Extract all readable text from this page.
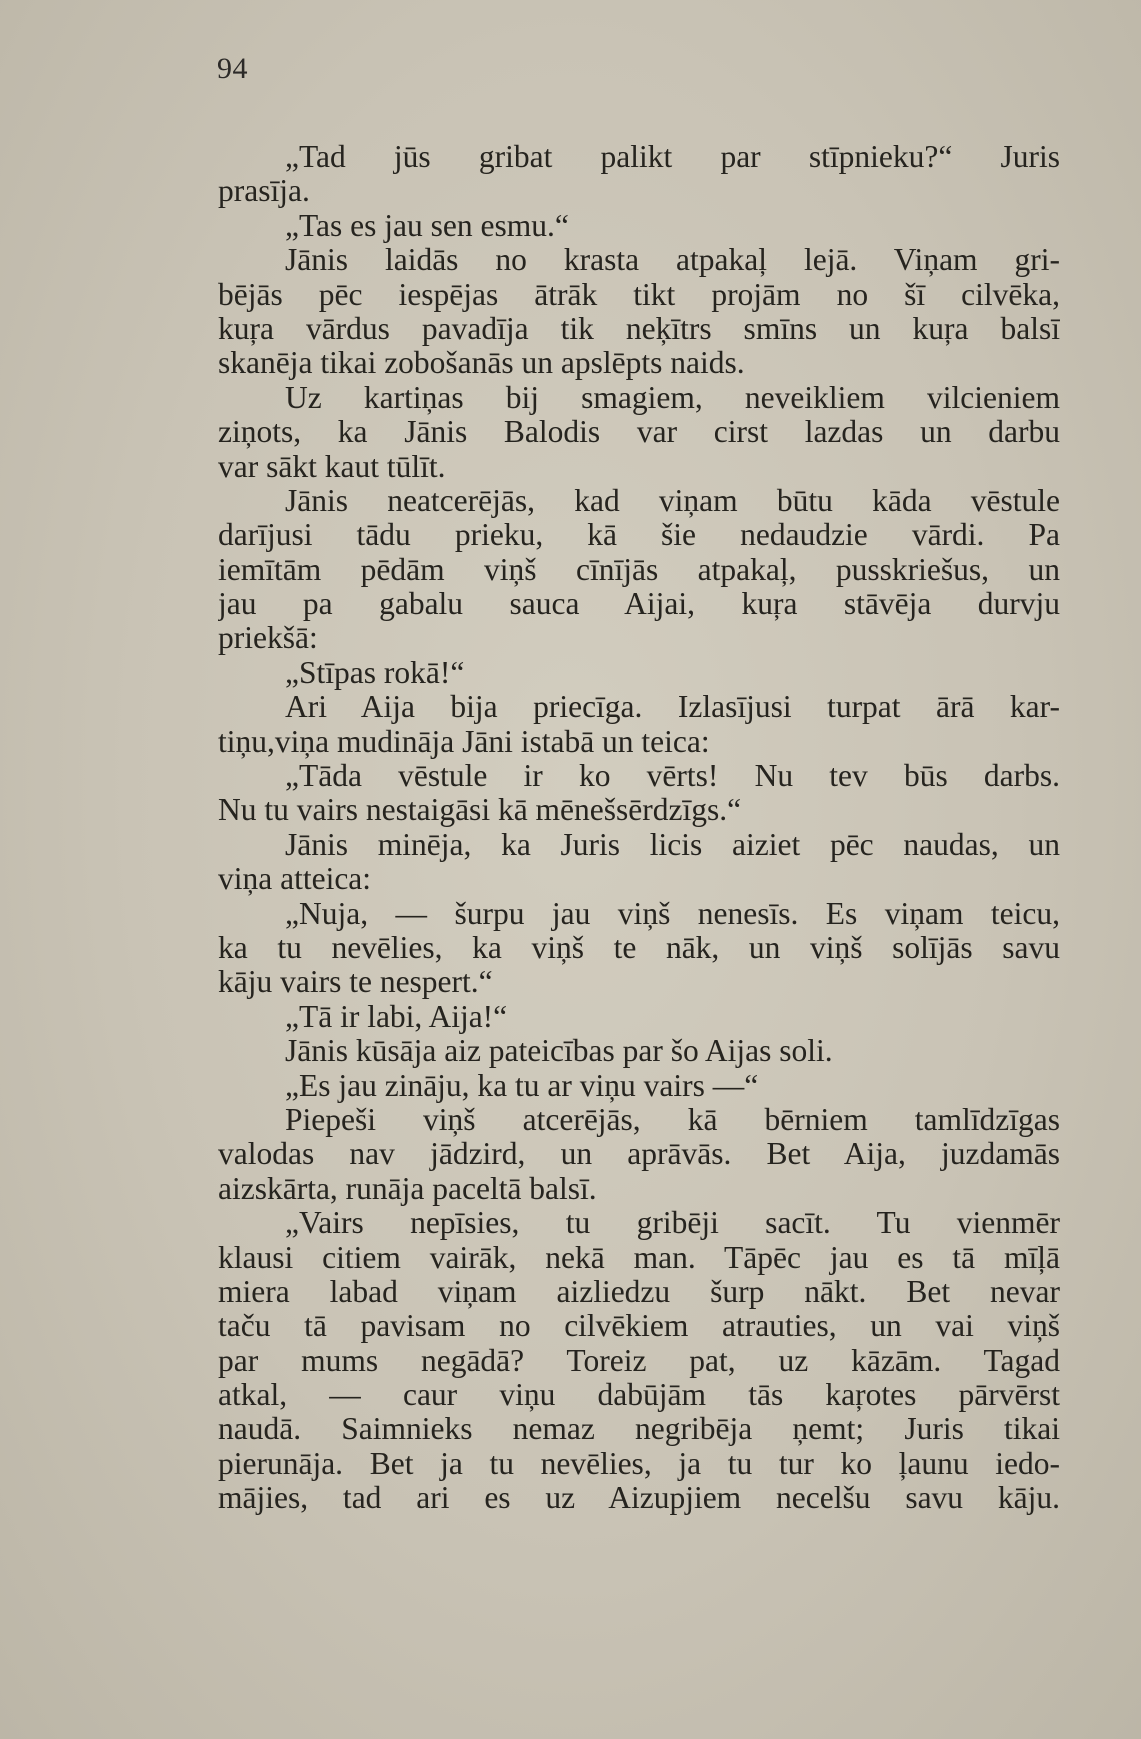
94
„Tad jūs gribat palikt par stīpnieku?“ Juris
prasīja.
„Tas es jau sen esmu.“
Jānis laidās no krasta atpakaļ lejā. Viņam gri-
bējās pēc iespējas ātrāk tikt projām no šī cilvēka,
kuŗa vārdus pavadīja tik neķītrs smīns un kuŗa balsī
skanēja tikai zobošanās un apslēpts naids.
Uz kartiņas bij smagiem, neveikliem vilcieniem
ziņots, ka Jānis Balodis var cirst lazdas un darbu
var sākt kaut tūlīt.
Jānis neatcerējās, kad viņam būtu kāda vēstule
darījusi tādu prieku, kā šie nedaudzie vārdi. Pa
iemītām pēdām viņš cīnījās atpakaļ, pusskriešus, un
jau pa gabalu sauca Aijai, kuŗa stāvēja durvju
priekšā:
„Stīpas rokā!“
Ari Aija bija priecīga. Izlasījusi turpat ārā kar-
tiņu,viņa mudināja Jāni istabā un teica:
„Tāda vēstule ir ko vērts! Nu tev būs darbs.
Nu tu vairs nestaigāsi kā mēnešsērdzīgs.“
Jānis minēja, ka Juris licis aiziet pēc naudas, un
viņa atteica:
„Nuja, — šurpu jau viņš nenesīs. Es viņam teicu,
ka tu nevēlies, ka viņš te nāk, un viņš solījās savu
kāju vairs te nespert.“
„Tā ir labi, Aija!“
Jānis kūsāja aiz pateicības par šo Aijas soli.
„Es jau zināju, ka tu ar viņu vairs —“
Piepeši viņš atcerējās, kā bērniem tamlīdzīgas
valodas nav jādzird, un aprāvās. Bet Aija, juzdamās
aizskārta, runāja paceltā balsī.
„Vairs nepīsies, tu gribēji sacīt. Tu vienmēr
klausi citiem vairāk, nekā man. Tāpēc jau es tā mīļā
miera labad viņam aizliedzu šurp nākt. Bet nevar
taču tā pavisam no cilvēkiem atrauties, un vai viņš
par mums negādā? Toreiz pat, uz kāzām. Tagad
atkal, — caur viņu dabūjām tās kaŗotes pārvērst
naudā. Saimnieks nemaz negribēja ņemt; Juris tikai
pierunāja. Bet ja tu nevēlies, ja tu tur ko ļaunu iedo-
mājies, tad ari es uz Aizupjiem necelšu savu kāju.
